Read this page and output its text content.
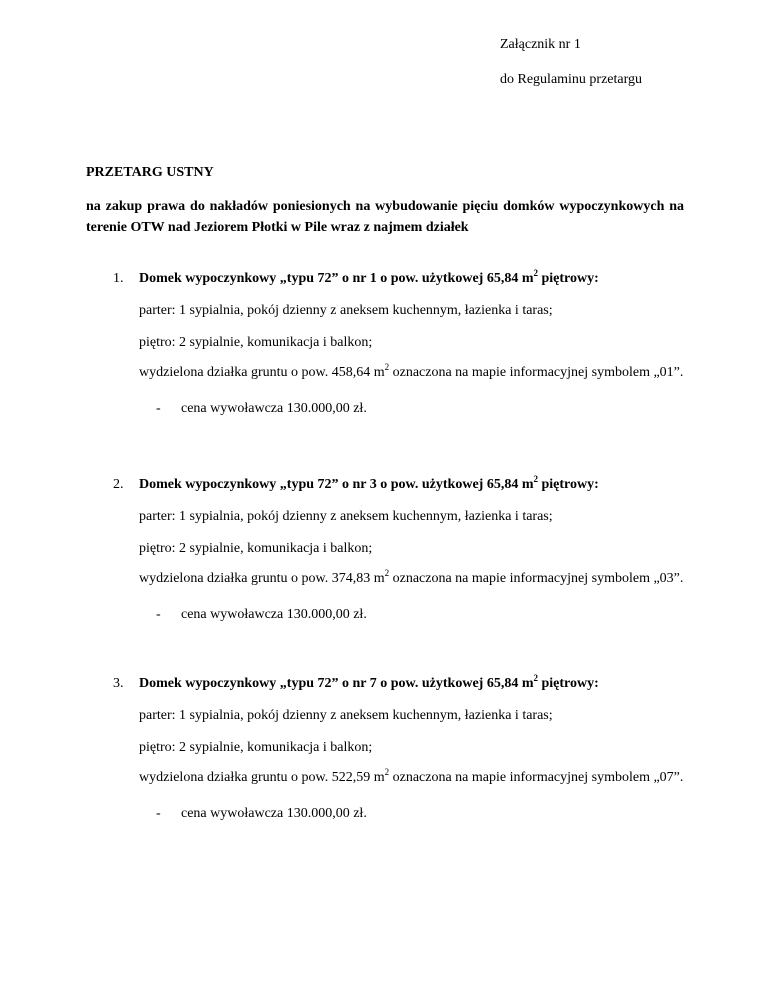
Załącznik nr 1
do Regulaminu przetargu
PRZETARG USTNY
na zakup prawa do nakładów poniesionych na wybudowanie pięciu domków wypoczynkowych na terenie OTW nad Jeziorem Płotki w Pile wraz z najmem działek
1. Domek wypoczynkowy „typu 72” o nr 1 o pow. użytkowej 65,84 $m^2$ piętrowy:
parter: 1 sypialnia, pokój dzienny z aneksem kuchennym, łazienka i taras;
piętro: 2 sypialnie, komunikacja i balkon;
wydzielona działka gruntu o pow. 458,64 $m^2$ oznaczona na mapie informacyjnej symbolem „01”.
- cena wywoławcza 130.000,00 zł.
2. Domek wypoczynkowy „typu 72” o nr 3 o pow. użytkowej 65,84 $m^2$ piętrowy:
parter: 1 sypialnia, pokój dzienny z aneksem kuchennym, łazienka i taras;
piętro: 2 sypialnie, komunikacja i balkon;
wydzielona działka gruntu o pow. 374,83 $m^2$ oznaczona na mapie informacyjnej symbolem „03”.
- cena wywoławcza 130.000,00 zł.
3. Domek wypoczynkowy „typu 72” o nr 7 o pow. użytkowej 65,84 $m^2$ piętrowy:
parter: 1 sypialnia, pokój dzienny z aneksem kuchennym, łazienka i taras;
piętro: 2 sypialnie, komunikacja i balkon;
wydzielona działka gruntu o pow. 522,59 $m^2$ oznaczona na mapie informacyjnej symbolem „07”.
- cena wywoławcza 130.000,00 zł.
